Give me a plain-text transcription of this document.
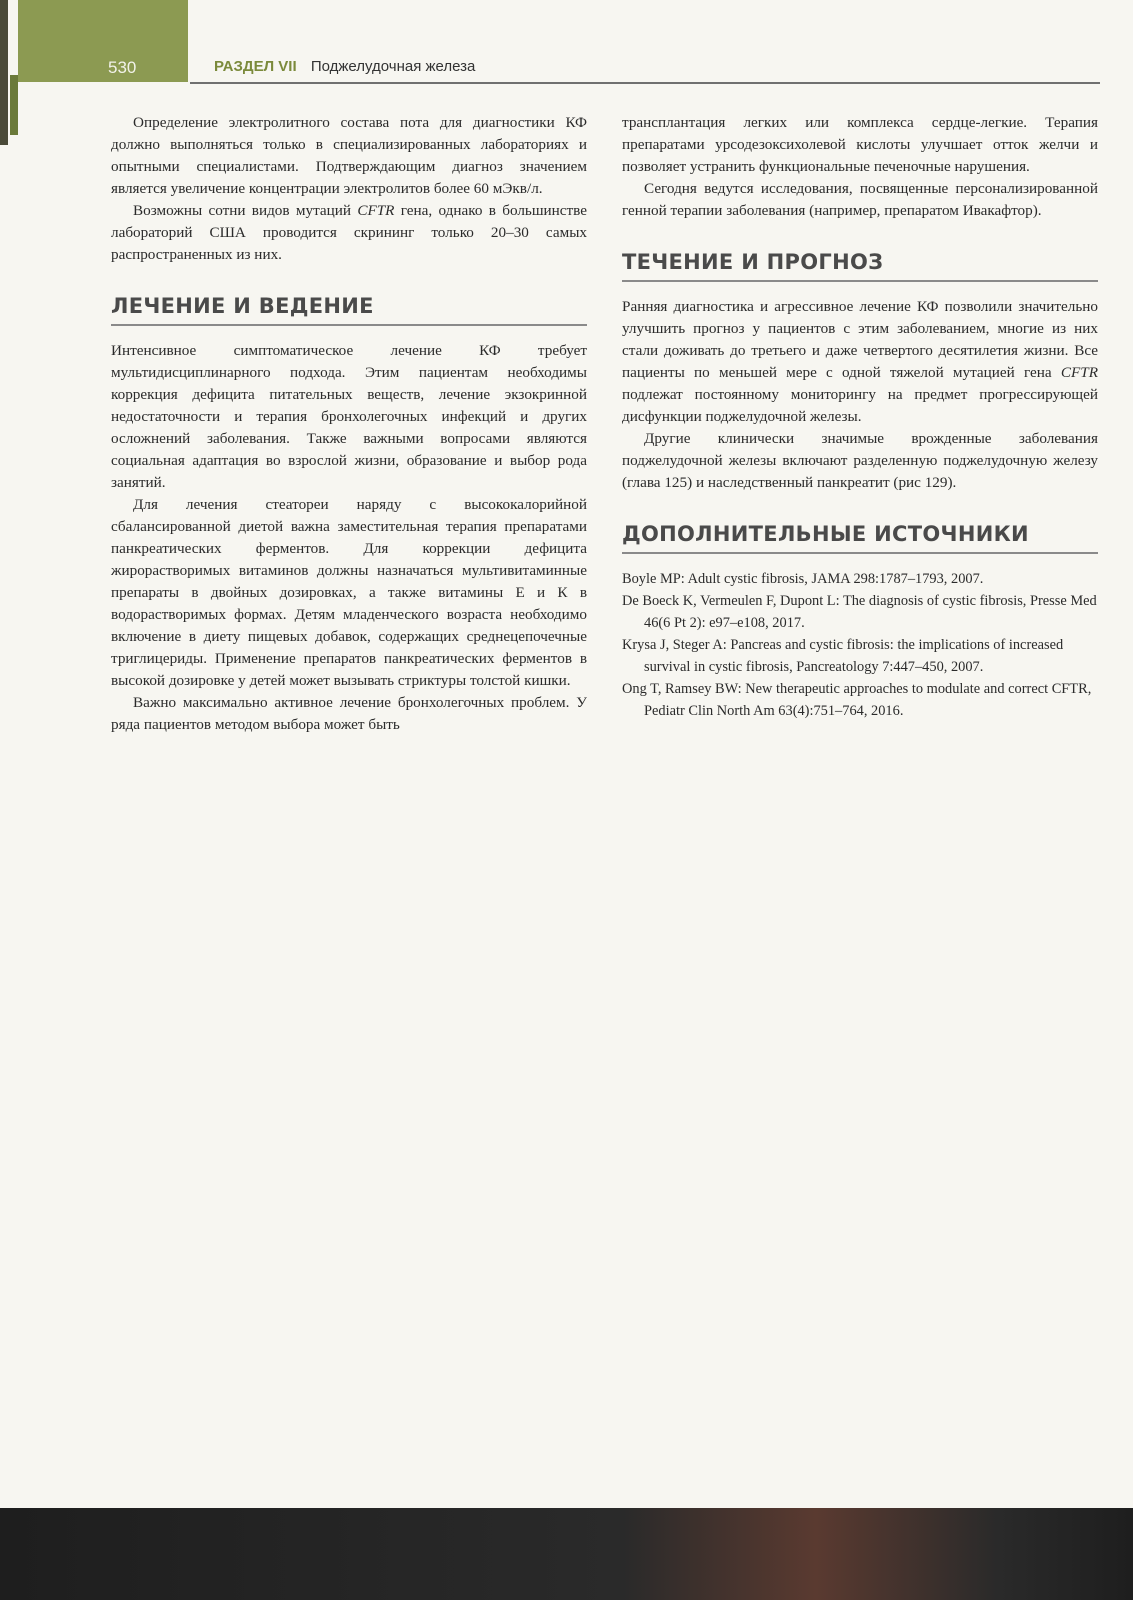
530	РАЗДЕЛ VII Поджелудочная железа

Определение электролитного состава пота для диагностики КФ должно выполняться только в специализированных лабораториях и опытными специалистами. Подтверждающим диагноз значением является увеличение концентрации электролитов более 60 мЭкв/л.

Возможны сотни видов мутаций CFTR гена, однако в большинстве лабораторий США проводится скрининг только 20–30 самых распространенных из них.

ЛЕЧЕНИЕ И ВЕДЕНИЕ

Интенсивное симптоматическое лечение КФ требует мультидисциплинарного подхода. Этим пациентам необходимы коррекция дефицита питательных веществ, лечение экзокринной недостаточности и терапия бронхолегочных инфекций и других осложнений заболевания. Также важными вопросами являются социальная адаптация во взрослой жизни, образование и выбор рода занятий.

Для лечения стеатореи наряду с высококалорийной сбалансированной диетой важна заместительная терапия препаратами панкреатических ферментов. Для коррекции дефицита жирорастворимых витаминов должны назначаться мультивитаминные препараты в двойных дозировках, а также витамины Е и К в водорастворимых формах. Детям младенческого возраста необходимо включение в диету пищевых добавок, содержащих среднецепочечные триглицериды. Применение препаратов панкреатических ферментов в высокой дозировке у детей может вызывать стриктуры толстой кишки.

Важно максимально активное лечение бронхолегочных проблем. У ряда пациентов методом выбора может быть

трансплантация легких или комплекса сердце-легкие. Терапия препаратами урсодезоксихолевой кислоты улучшает отток желчи и позволяет устранить функциональные печеночные нарушения.

Сегодня ведутся исследования, посвященные персонализированной генной терапии заболевания (например, препаратом Ивакафтор).

ТЕЧЕНИЕ И ПРОГНОЗ

Ранняя диагностика и агрессивное лечение КФ позволили значительно улучшить прогноз у пациентов с этим заболеванием, многие из них стали доживать до третьего и даже четвертого десятилетия жизни. Все пациенты по меньшей мере с одной тяжелой мутацией гена CFTR подлежат постоянному мониторингу на предмет прогрессирующей дисфункции поджелудочной железы.

Другие клинически значимые врожденные заболевания поджелудочной железы включают разделенную поджелудочную железу (глава 125) и наследственный панкреатит (рис 129).

ДОПОЛНИТЕЛЬНЫЕ ИСТОЧНИКИ
Boyle MP: Adult cystic fibrosis, JAMA 298:1787–1793, 2007.
De Boeck K, Vermeulen F, Dupont L: The diagnosis of cystic fibrosis, Presse Med 46(6 Pt 2): e97–e108, 2017.
Krysa J, Steger A: Pancreas and cystic fibrosis: the implications of increased survival in cystic fibrosis, Pancreatology 7:447–450, 2007.
Ong T, Ramsey BW: New therapeutic approaches to modulate and correct CFTR, Pediatr Clin North Am 63(4):751–764, 2016.
